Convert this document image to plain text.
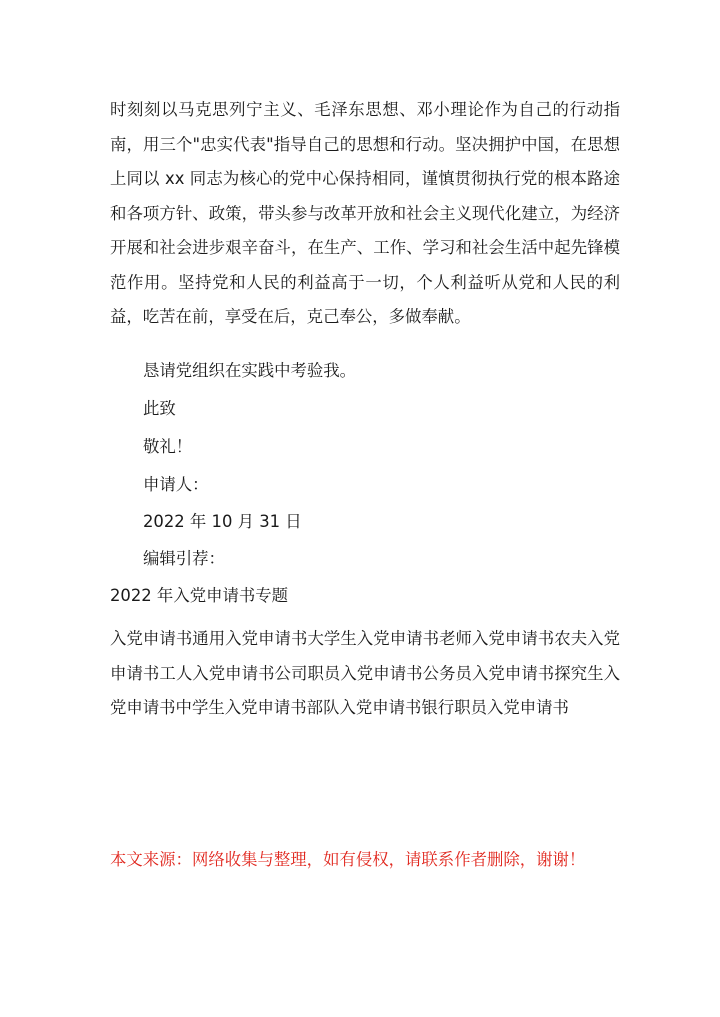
时刻刻以马克思列宁主义、毛泽东思想、邓小理论作为自己的行动指南，用三个"忠实代表"指导自己的思想和行动。坚决拥护中国，在思想上同以 xx 同志为核心的党中心保持相同，谨慎贯彻执行党的根本路途和各项方针、政策，带头参与改革开放和社会主义现代化建立，为经济开展和社会进步艰辛奋斗，在生产、工作、学习和社会生活中起先锋模范作用。坚持党和人民的利益高于一切，个人利益听从党和人民的利益，吃苦在前，享受在后，克己奉公，多做奉献。

恳请党组织在实践中考验我。

此致

敬礼！

申请人：

2022 年 10 月 31 日

编辑引荐：

2022 年入党申请书专题

入党申请书通用入党申请书大学生入党申请书老师入党申请书农夫入党申请书工人入党申请书公司职员入党申请书公务员入党申请书探究生入党申请书中学生入党申请书部队入党申请书银行职员入党申请书

本文来源：网络收集与整理，如有侵权，请联系作者删除，谢谢！
